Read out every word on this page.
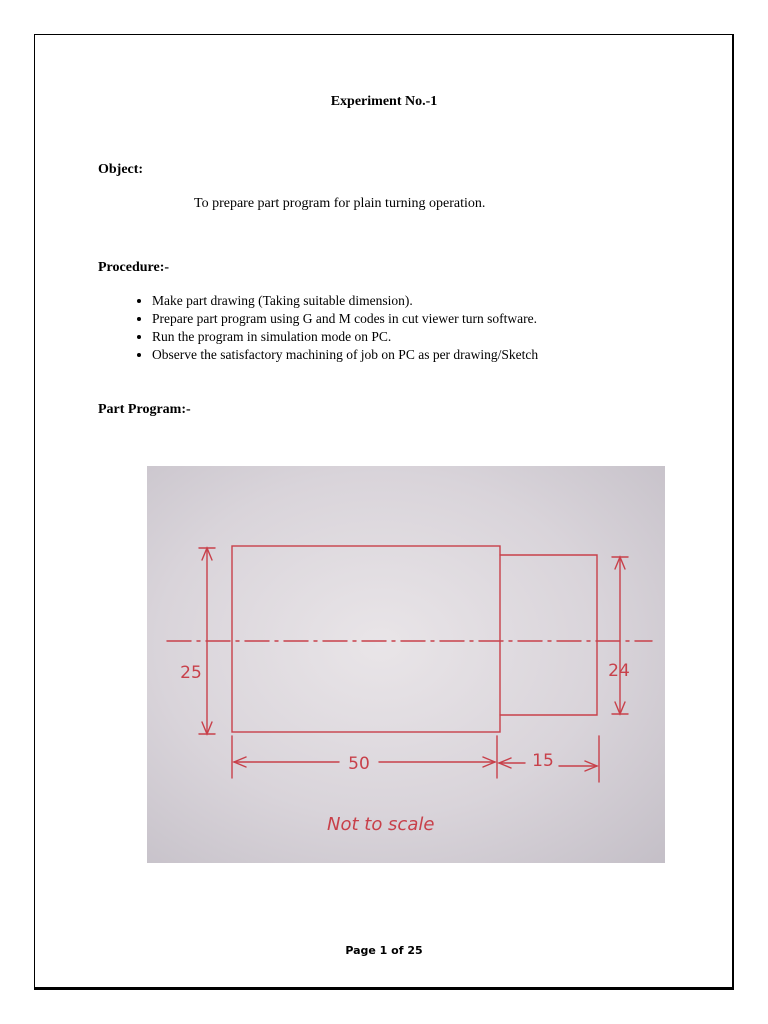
Experiment No.-1
Object:
To prepare part program for plain turning operation.
Procedure:-
• Make part drawing (Taking suitable dimension).
• Prepare part program using G and M codes in cut viewer turn software.
• Run the program in simulation mode on PC.
• Observe the satisfactory machining of job on PC as per drawing/Sketch
Part Program:-
25	24
50	15
Not to scale
Page 1 of 25
